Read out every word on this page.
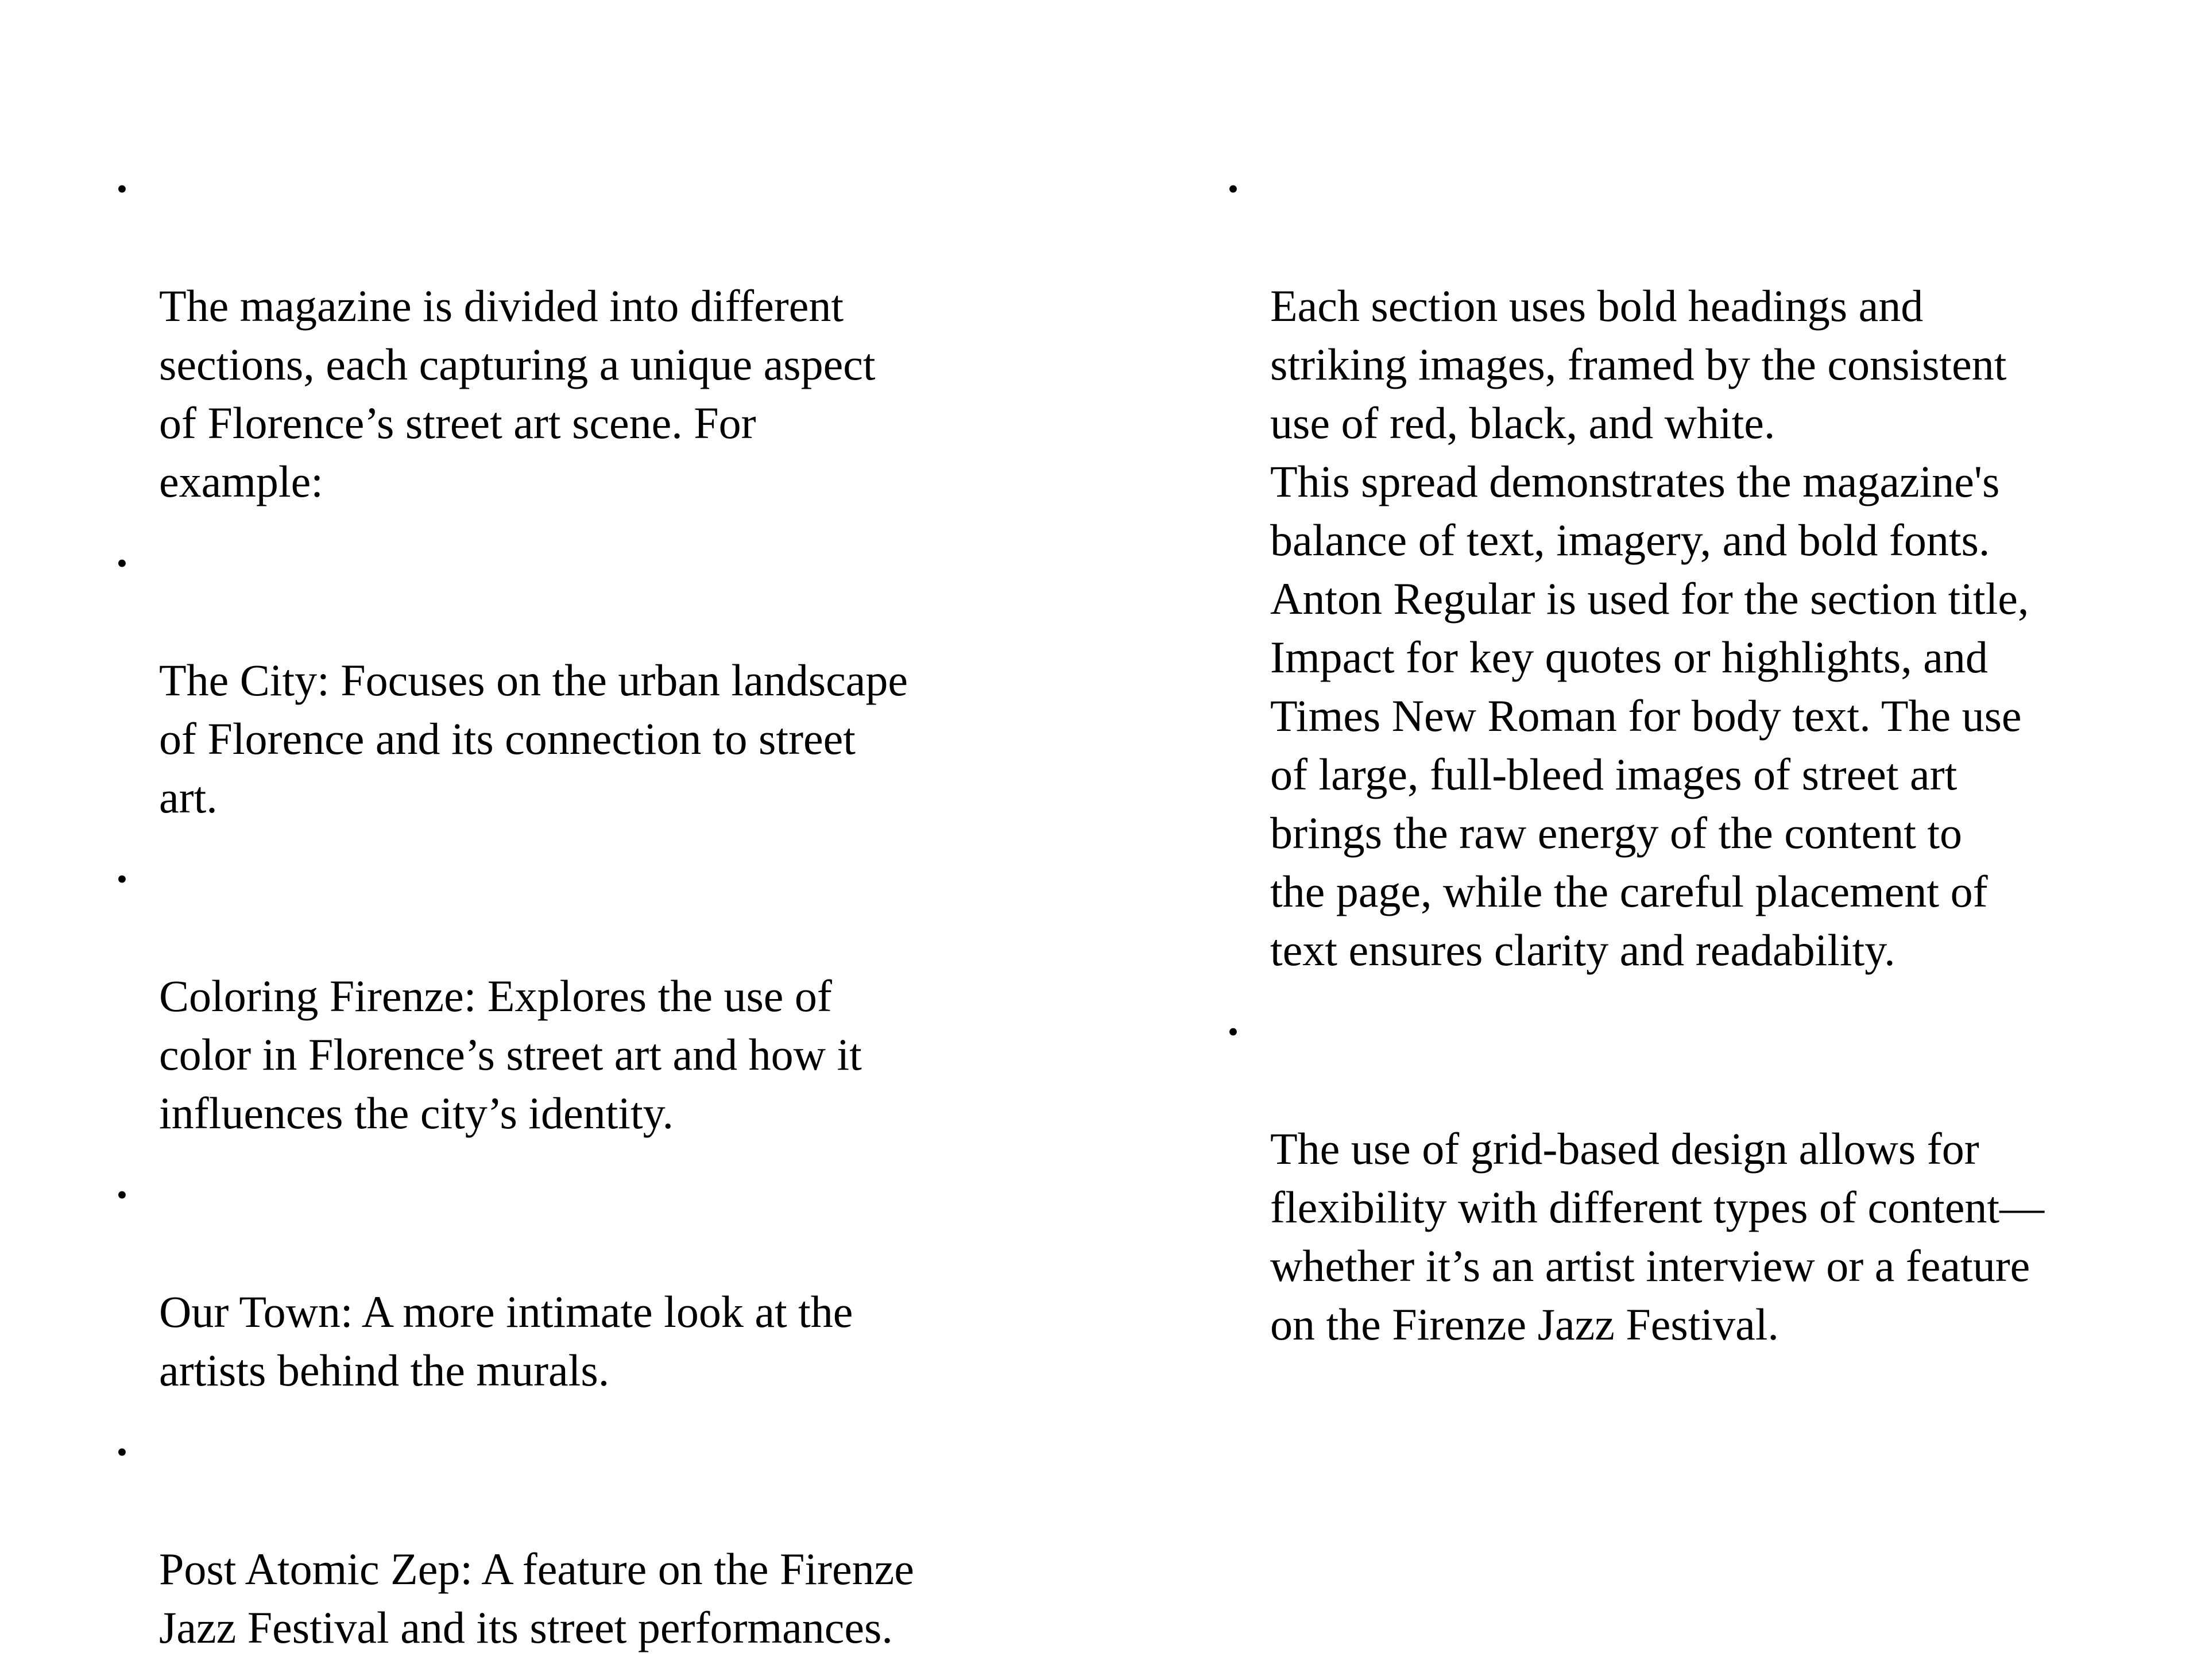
•

The magazine is divided into different
sections, each capturing a unique aspect
of Florence’s street art scene. For
example:

•

The City: Focuses on the urban landscape
of Florence and its connection to street
art.

•

Coloring Firenze: Explores the use of
color in Florence’s street art and how it
influences the city’s identity.

•

Our Town: A more intimate look at the
artists behind the murals.

•

Post Atomic Zep: A feature on the Firenze
Jazz Festival and its street performances.

•

Each section uses bold headings and
striking images, framed by the consistent
use of red, black, and white.
This spread demonstrates the magazine's
balance of text, imagery, and bold fonts.
Anton Regular is used for the section title,
Impact for key quotes or highlights, and
Times New Roman for body text. The use
of large, full-bleed images of street art
brings the raw energy of the content to
the page, while the careful placement of
text ensures clarity and readability.

•

The use of grid-based design allows for
flexibility with different types of content—
whether it’s an artist interview or a feature
on the Firenze Jazz Festival.
